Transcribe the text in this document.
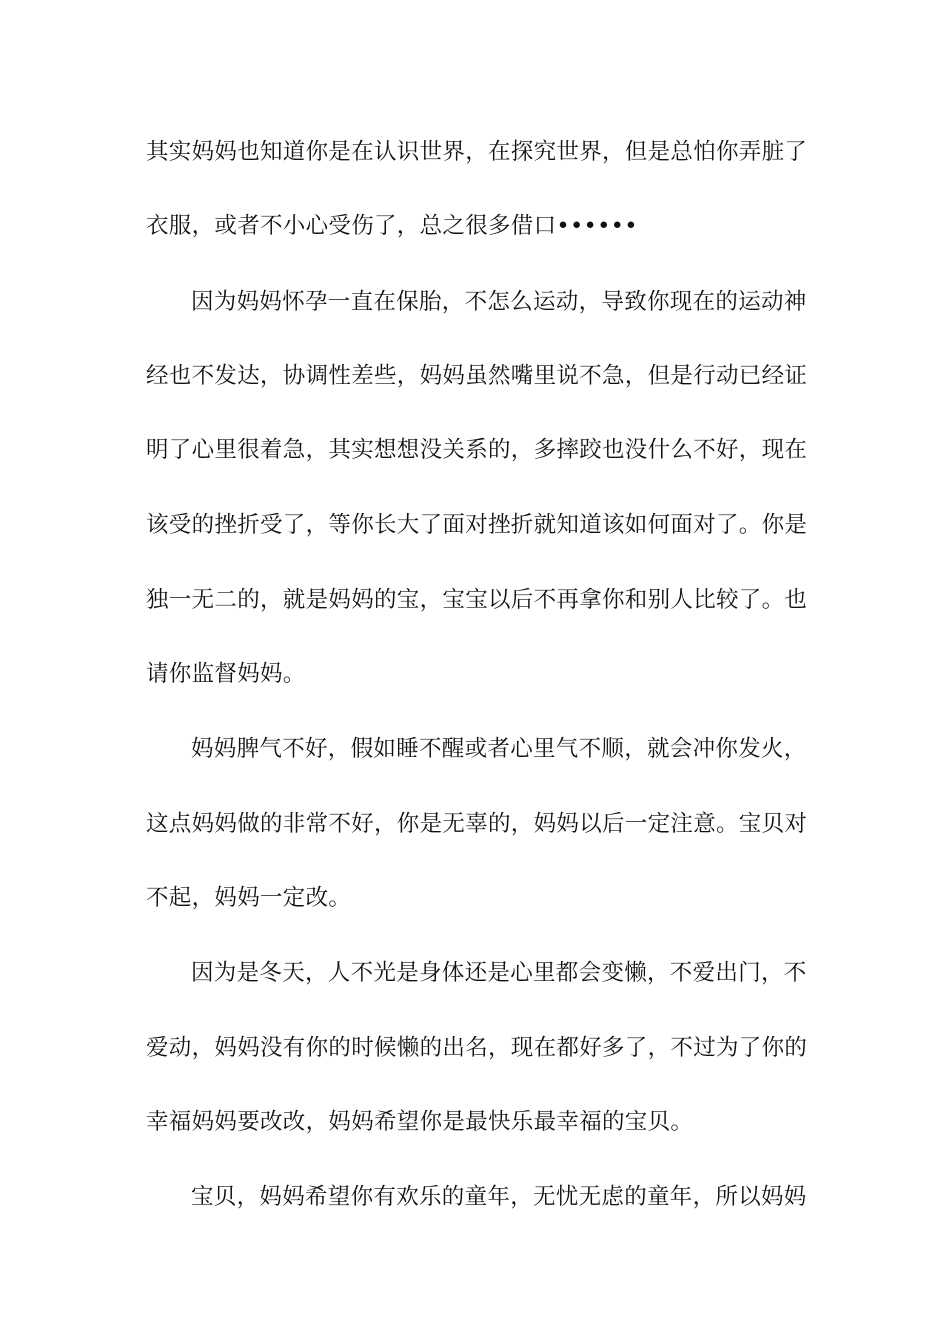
其实妈妈也知道你是在认识世界，在探究世界，但是总怕你弄脏了
衣服，或者不小心受伤了，总之很多借口••••••
因为妈妈怀孕一直在保胎，不怎么运动，导致你现在的运动神
经也不发达，协调性差些，妈妈虽然嘴里说不急，但是行动已经证
明了心里很着急，其实想想没关系的，多摔跤也没什么不好，现在
该受的挫折受了，等你长大了面对挫折就知道该如何面对了。你是
独一无二的，就是妈妈的宝，宝宝以后不再拿你和别人比较了。也
请你监督妈妈。
妈妈脾气不好，假如睡不醒或者心里气不顺，就会冲你发火，
这点妈妈做的非常不好，你是无辜的，妈妈以后一定注意。宝贝对
不起，妈妈一定改。
因为是冬天，人不光是身体还是心里都会变懒，不爱出门，不
爱动，妈妈没有你的时候懒的出名，现在都好多了，不过为了你的
幸福妈妈要改改，妈妈希望你是最快乐最幸福的宝贝。
宝贝，妈妈希望你有欢乐的童年，无忧无虑的童年，所以妈妈
